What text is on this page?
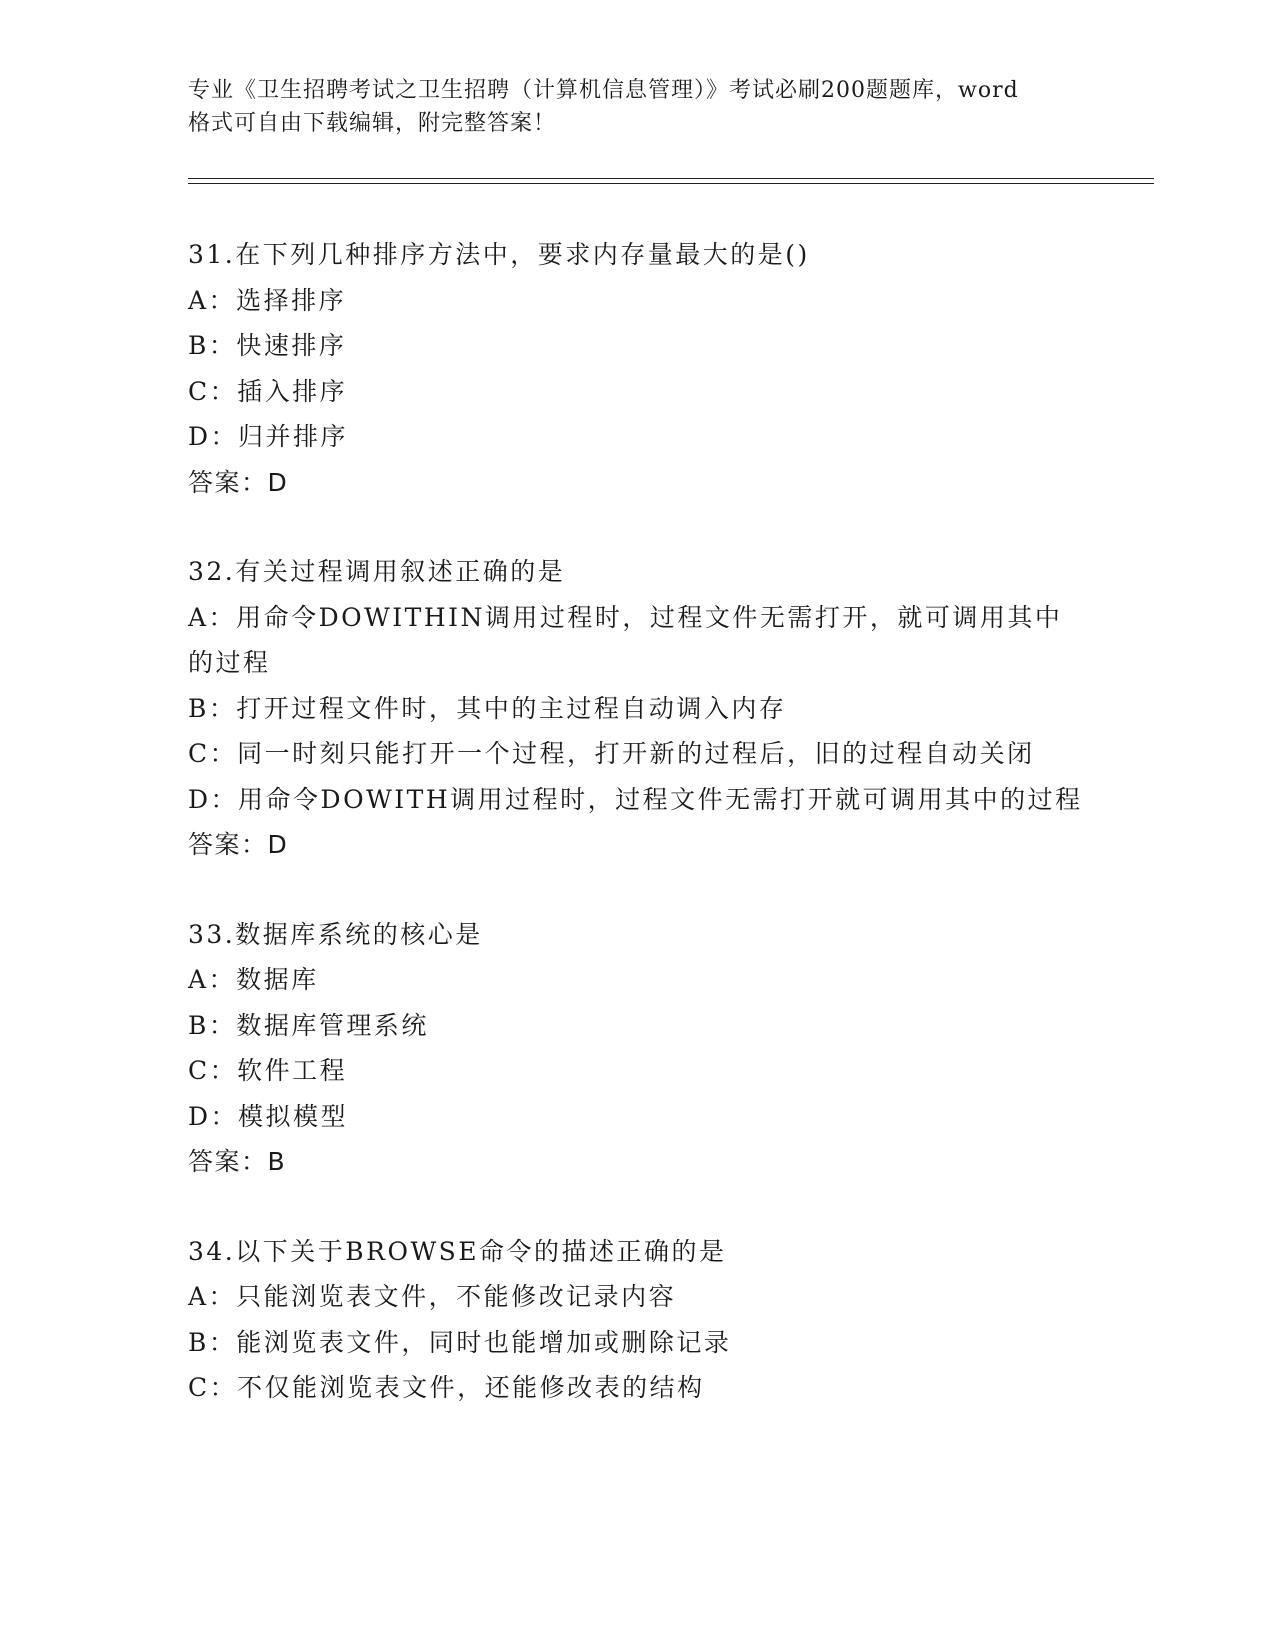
专业《卫生招聘考试之卫生招聘（计算机信息管理）》考试必刷200题题库，word
格式可自由下载编辑，附完整答案！
31.在下列几种排序方法中，要求内存量最大的是()
A：选择排序
B：快速排序
C：插入排序
D：归并排序
答案：D
32.有关过程调用叙述正确的是
A：用命令DOWITHIN调用过程时，过程文件无需打开，就可调用其中的过程
B：打开过程文件时，其中的主过程自动调入内存
C：同一时刻只能打开一个过程，打开新的过程后，旧的过程自动关闭
D：用命令DOWITH调用过程时，过程文件无需打开就可调用其中的过程
答案：D
33.数据库系统的核心是
A：数据库
B：数据库管理系统
C：软件工程
D：模拟模型
答案：B
34.以下关于BROWSE命令的描述正确的是
A：只能浏览表文件，不能修改记录内容
B：能浏览表文件，同时也能增加或删除记录
C：不仅能浏览表文件，还能修改表的结构
